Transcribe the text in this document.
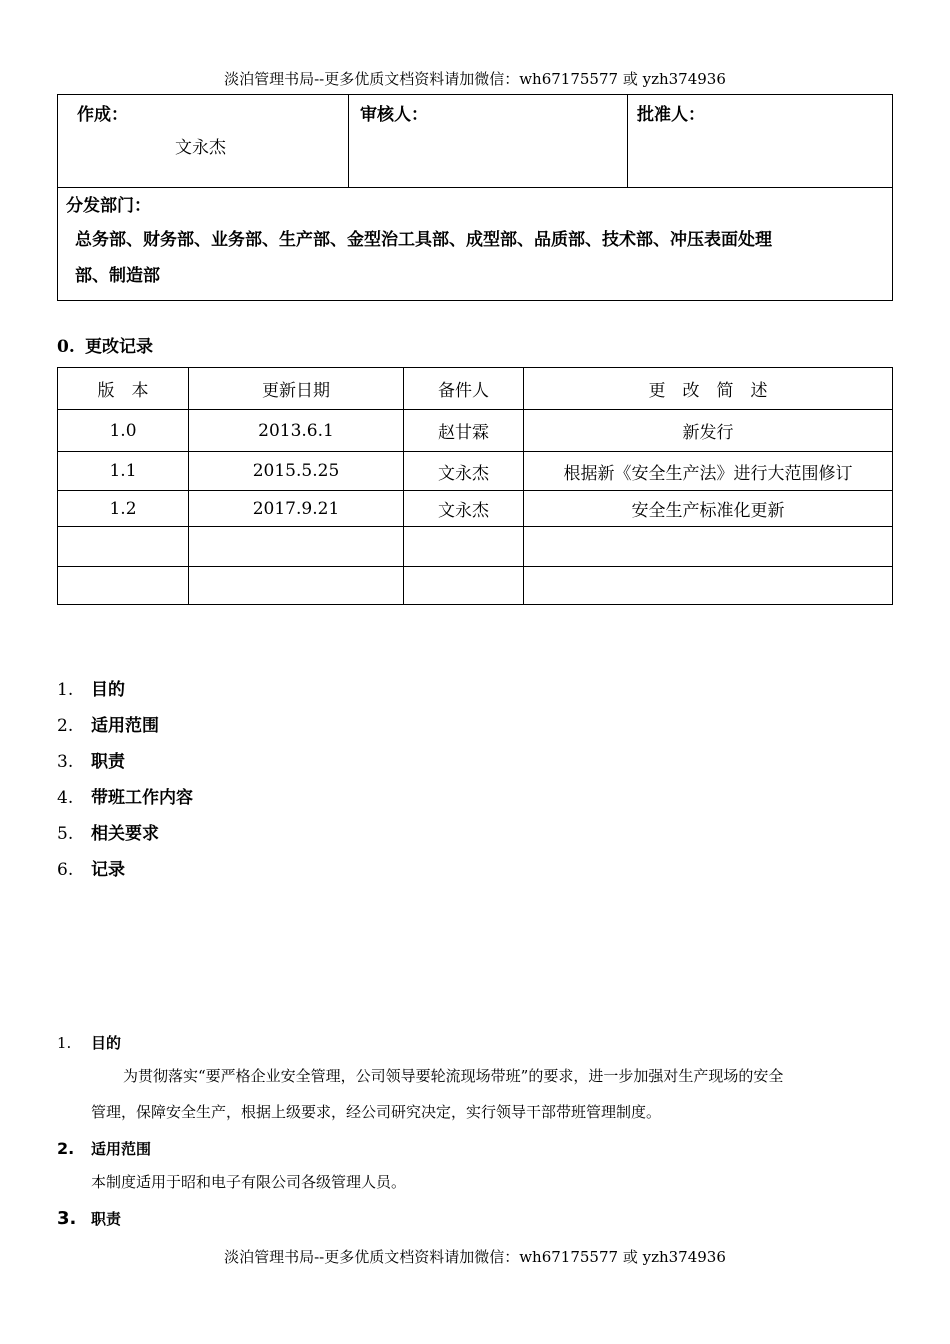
淡泊管理书局--更多优质文档资料请加微信：wh67175577 或 yzh374936
作成：
文永杰

审核人：	批准人：

分发部门：
总务部、财务部、业务部、生产部、金型治工具部、成型部、品质部、技术部、冲压表面处理
部、制造部
0. 更改记录
版　本	更新日期	备件人	更　改　简　述
1.0	2013.6.1	赵甘霖	新发行
1.1	2015.5.25	文永杰	根据新《安全生产法》进行大范围修订
1.2	2017.9.21	文永杰	安全生产标准化更新

1. 目的
2. 适用范围
3. 职责
4. 带班工作内容
5. 相关要求
6. 记录
1. 目的
为贯彻落实“要严格企业安全管理，公司领导要轮流现场带班”的要求，进一步加强对生产现场的安全
管理，保障安全生产，根据上级要求，经公司研究决定，实行领导干部带班管理制度。
2. 适用范围
本制度适用于昭和电子有限公司各级管理人员。
3. 职责
淡泊管理书局--更多优质文档资料请加微信：wh67175577 或 yzh374936
